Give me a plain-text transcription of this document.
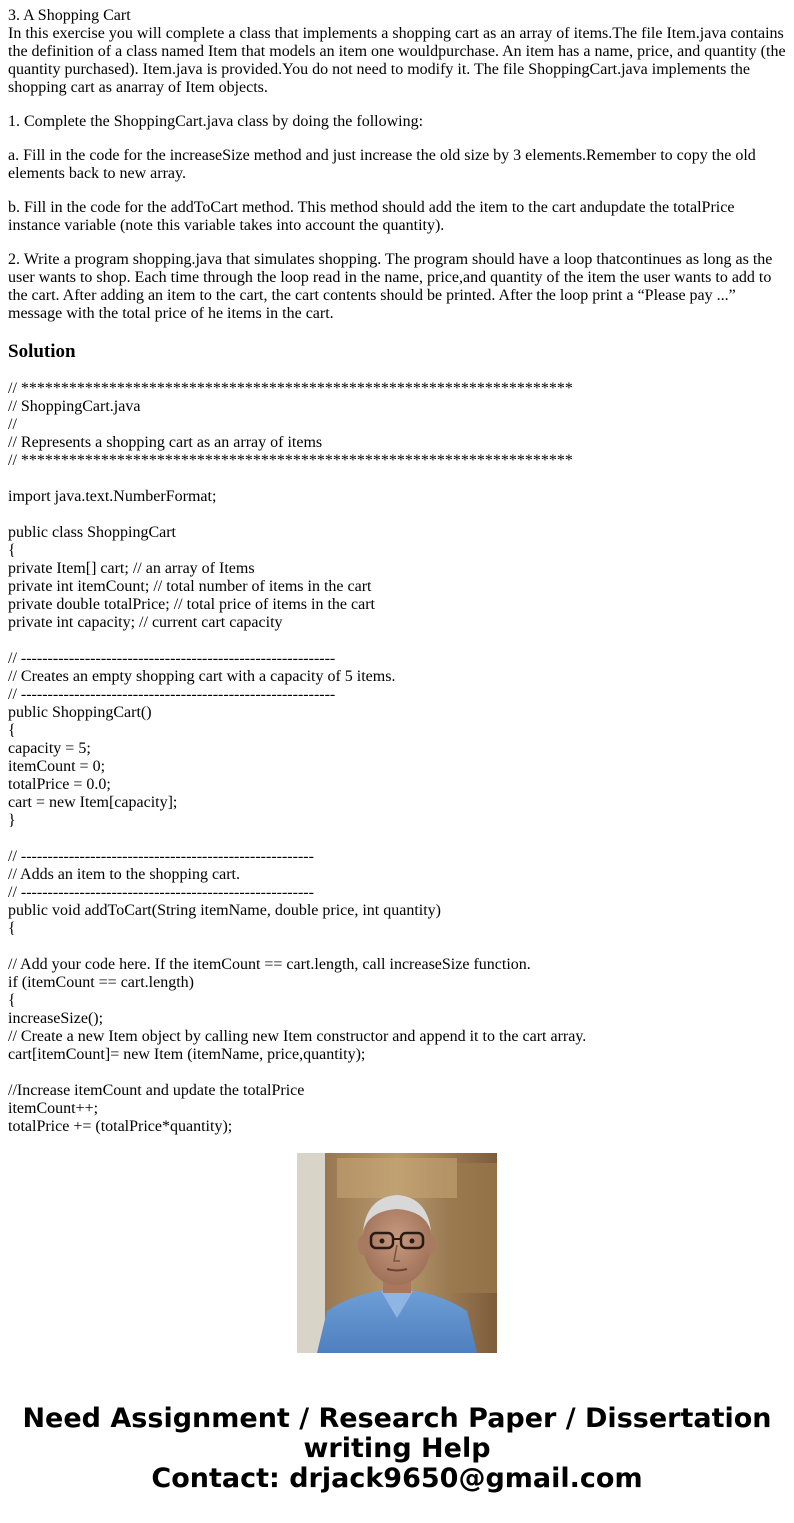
3. A Shopping Cart
In this exercise you will complete a class that implements a shopping cart as an array of items.The file Item.java contains the definition of a class named Item that models an item one wouldpurchase. An item has a name, price, and quantity (the quantity purchased). Item.java is provided.You do not need to modify it. The file ShoppingCart.java implements the shopping cart as anarray of Item objects.
1. Complete the ShoppingCart.java class by doing the following:
a. Fill in the code for the increaseSize method and just increase the old size by 3 elements.Remember to copy the old elements back to new array.
b. Fill in the code for the addToCart method. This method should add the item to the cart andupdate the totalPrice instance variable (note this variable takes into account the quantity).
2. Write a program shopping.java that simulates shopping. The program should have a loop thatcontinues as long as the user wants to shop. Each time through the loop read in the name, price,and quantity of the item the user wants to add to the cart. After adding an item to the cart, the cart contents should be printed. After the loop print a “Please pay ...” message with the total price of he items in the cart.
Solution
// *********************************************************************
// ShoppingCart.java
//
// Represents a shopping cart as an array of items
// *********************************************************************
import java.text.NumberFormat;
public class ShoppingCart
{
private Item[] cart; // an array of Items
private int itemCount; // total number of items in the cart
private double totalPrice; // total price of items in the cart
private int capacity; // current cart capacity
// -----------------------------------------------------------
// Creates an empty shopping cart with a capacity of 5 items.
// -----------------------------------------------------------
public ShoppingCart()
{
capacity = 5;
itemCount = 0;
totalPrice = 0.0;
cart = new Item[capacity];
}
// -------------------------------------------------------
// Adds an item to the shopping cart.
// -------------------------------------------------------
public void addToCart(String itemName, double price, int quantity)
{
// Add your code here. If the itemCount == cart.length, call increaseSize function.
if (itemCount == cart.length)
{
increaseSize();
// Create a new Item object by calling new Item constructor and append it to the cart array.
cart[itemCount]= new Item (itemName, price,quantity);
//Increase itemCount and update the totalPrice
itemCount++;
totalPrice += (totalPrice*quantity);
Need Assignment / Research Paper / Dissertation
writing Help
Contact: drjack9650@gmail.com
